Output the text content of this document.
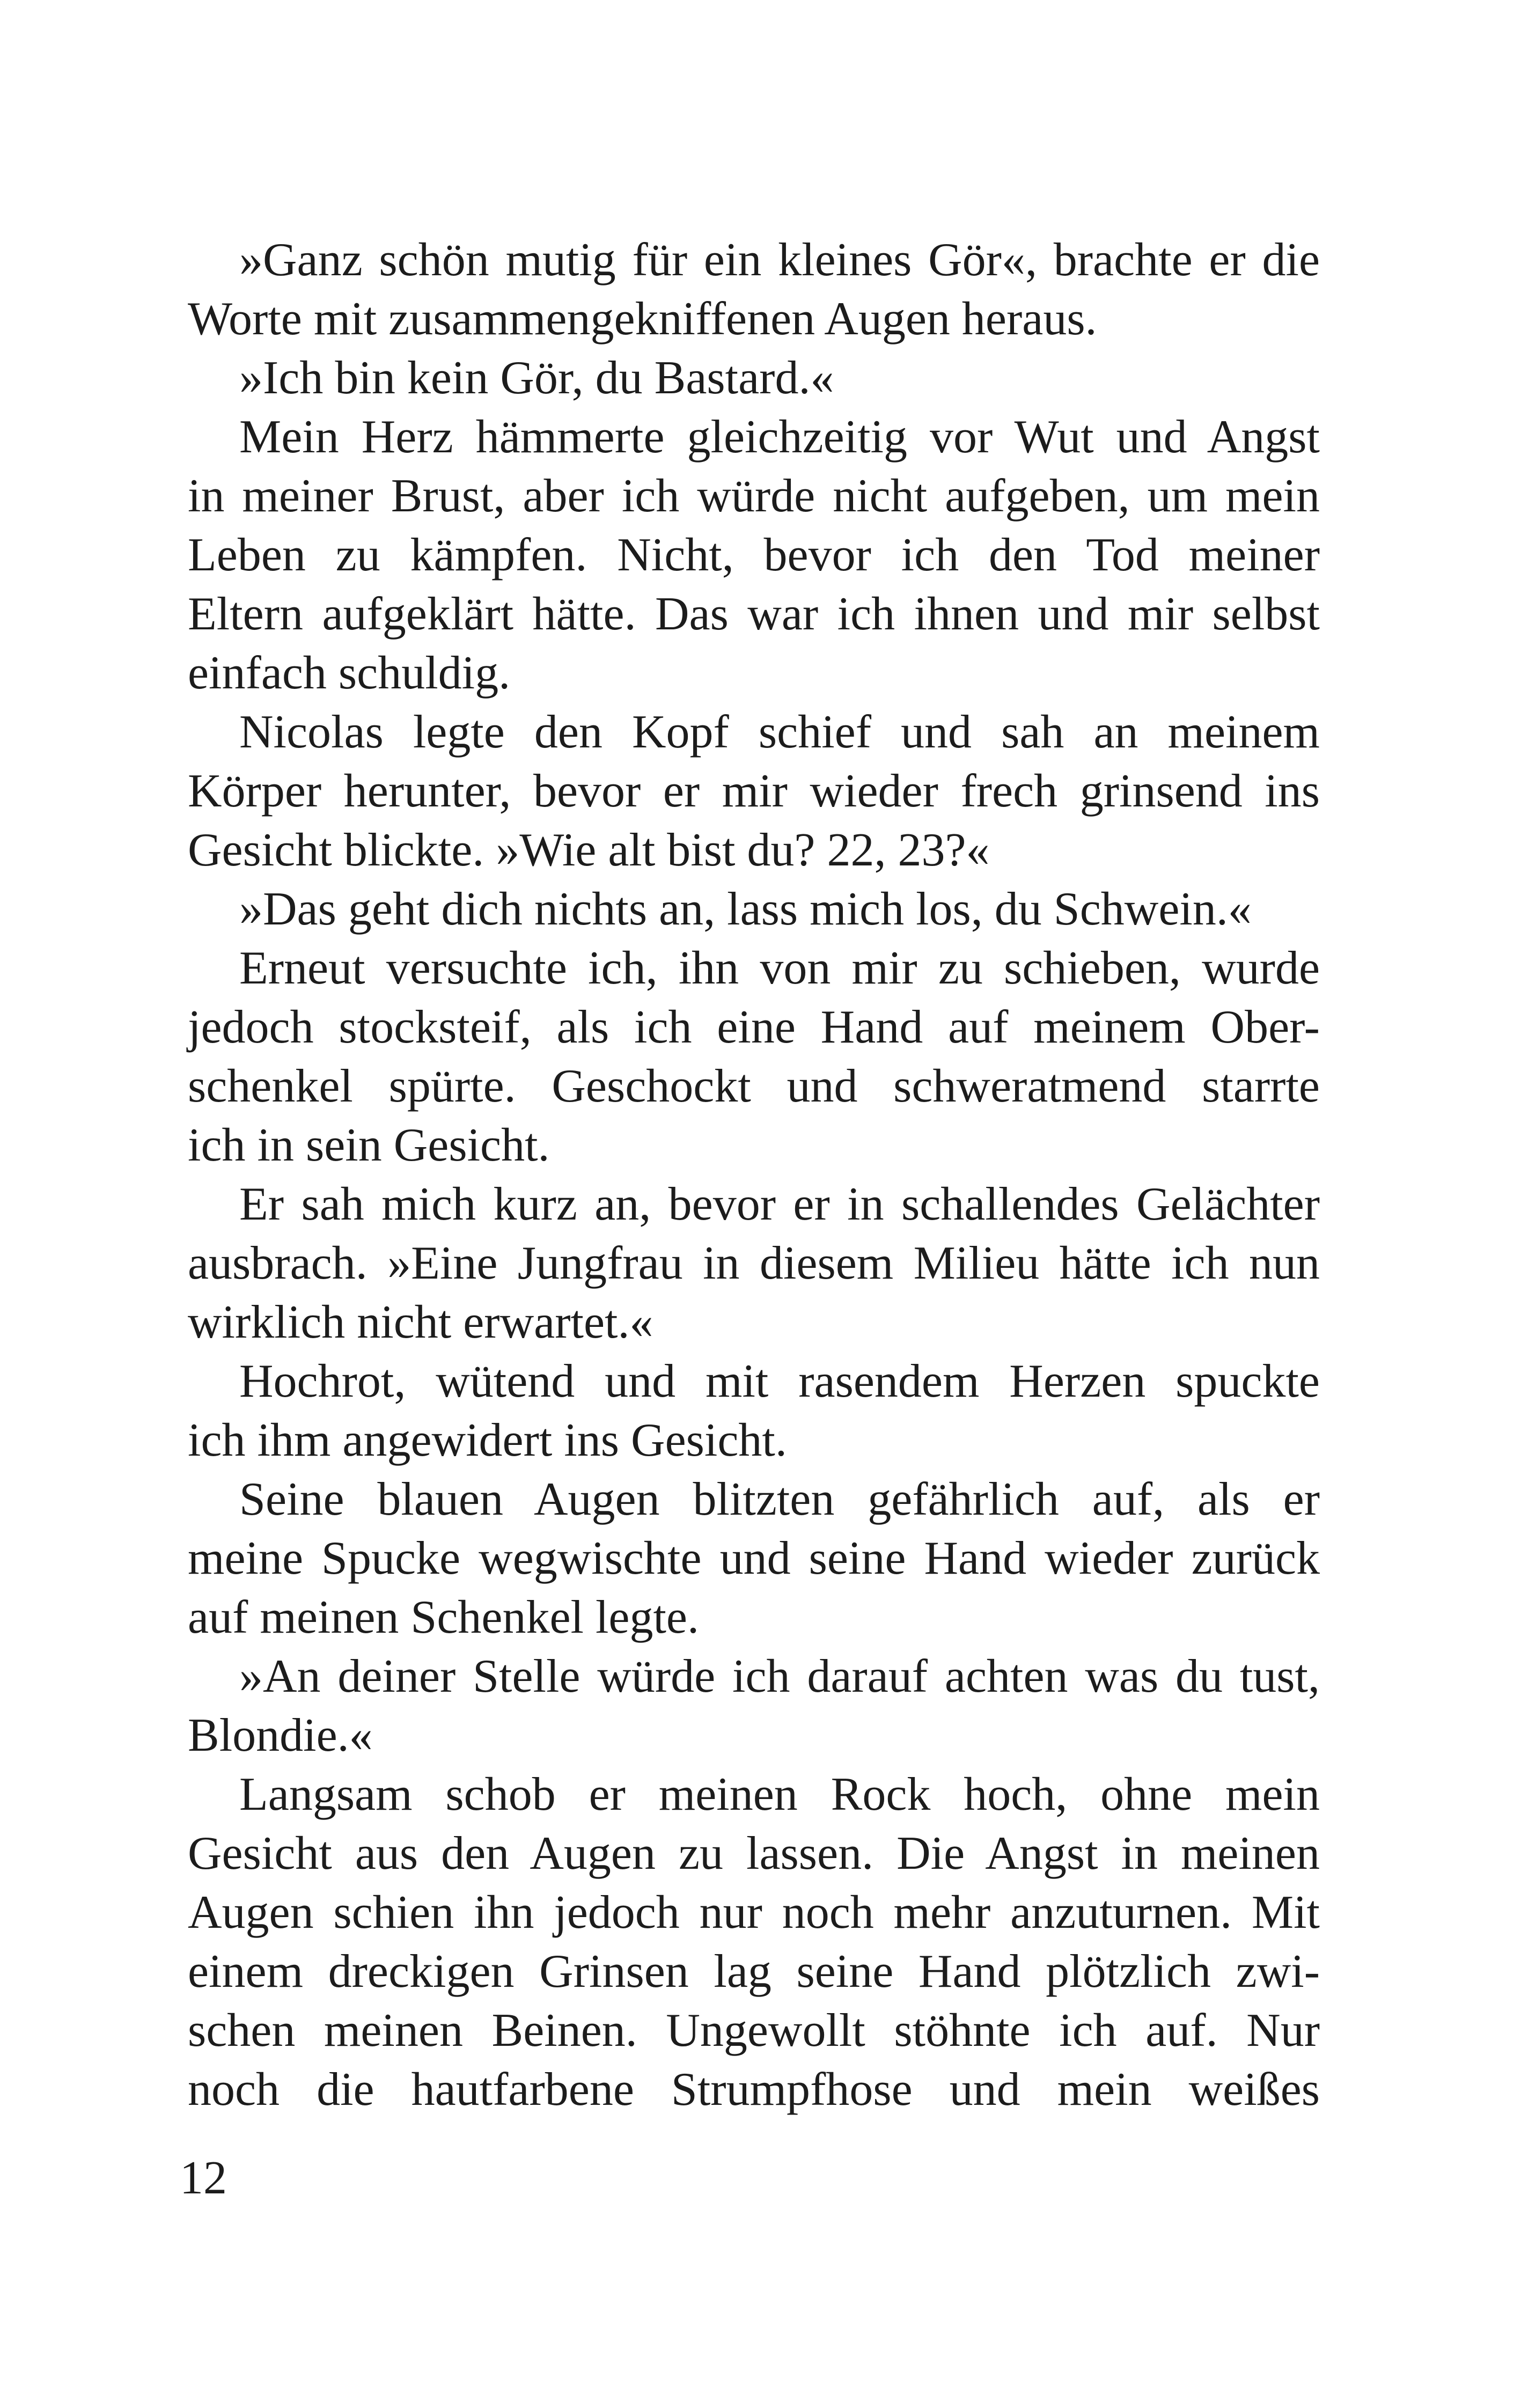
»Ganz schön mutig für ein kleines Gör«, brachte er die
Worte mit zusammengekniffenen Augen heraus.
»Ich bin kein Gör, du Bastard.«
Mein Herz hämmerte gleichzeitig vor Wut und Angst
in meiner Brust, aber ich würde nicht aufgeben, um mein
Leben zu kämpfen. Nicht, bevor ich den Tod meiner
Eltern aufgeklärt hätte. Das war ich ihnen und mir selbst
einfach schuldig.
Nicolas legte den Kopf schief und sah an meinem
Körper herunter, bevor er mir wieder frech grinsend ins
Gesicht blickte. »Wie alt bist du? 22, 23?«
»Das geht dich nichts an, lass mich los, du Schwein.«
Erneut versuchte ich, ihn von mir zu schieben, wurde
jedoch stocksteif, als ich eine Hand auf meinem Ober-
schenkel spürte. Geschockt und schweratmend starrte
ich in sein Gesicht.
Er sah mich kurz an, bevor er in schallendes Gelächter
ausbrach. »Eine Jungfrau in diesem Milieu hätte ich nun
wirklich nicht erwartet.«
Hochrot, wütend und mit rasendem Herzen spuckte
ich ihm angewidert ins Gesicht.
Seine blauen Augen blitzten gefährlich auf, als er
meine Spucke wegwischte und seine Hand wieder zurück
auf meinen Schenkel legte.
»An deiner Stelle würde ich darauf achten was du tust,
Blondie.«
Langsam schob er meinen Rock hoch, ohne mein
Gesicht aus den Augen zu lassen. Die Angst in meinen
Augen schien ihn jedoch nur noch mehr anzuturnen. Mit
einem dreckigen Grinsen lag seine Hand plötzlich zwi-
schen meinen Beinen. Ungewollt stöhnte ich auf. Nur
noch die hautfarbene Strumpfhose und mein weißes
12
